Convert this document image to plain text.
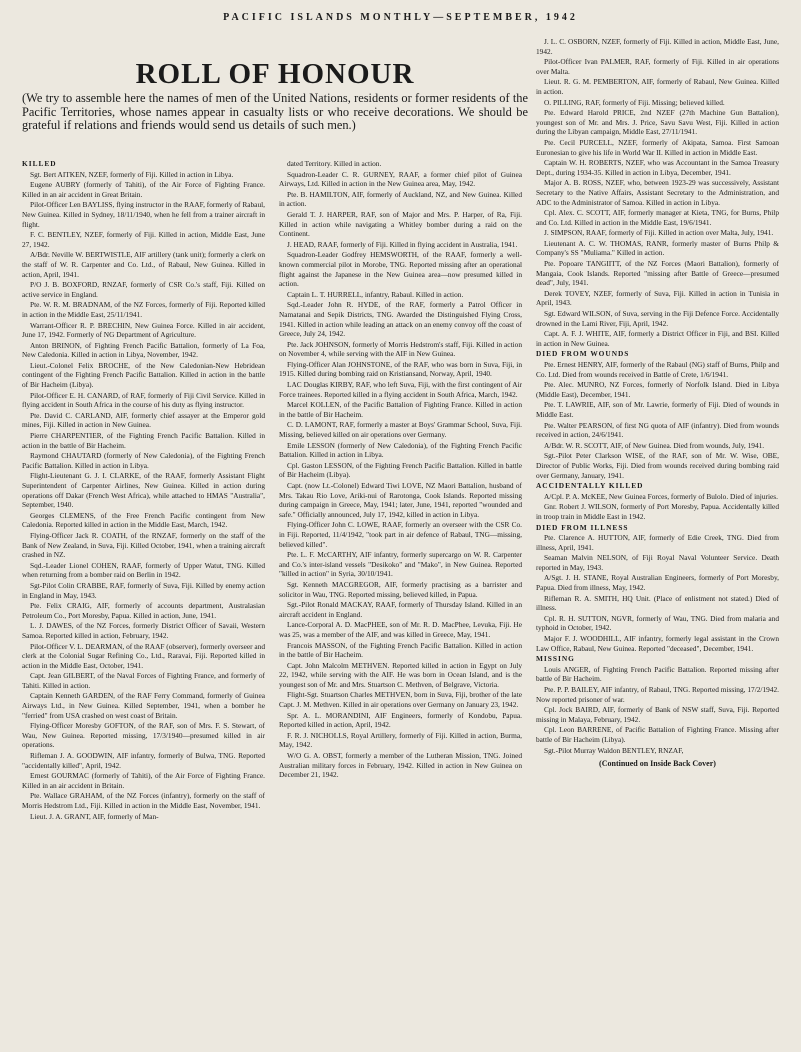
PACIFIC ISLANDS MONTHLY—SEPTEMBER, 1942
ROLL OF HONOUR

(We try to assemble here the names of men of the United Nations, residents or former residents of the Pacific Territories, whose names appear in casualty lists or who receive decorations. We should be grateful if relations and friends would send us details of such men.)

KILLED

Sgt. Bert AITKEN, NZEF, formerly of Fiji. Killed in action in Libya.

Eugene AUBRY (formerly of Tahiti), of the Air Force of Fighting France. Killed in an air accident in Great Britain.

Pilot-Officer Len BAYLISS, flying instructor in the RAAF, formerly of Rabaul, New Guinea. Killed in Sydney, 18/11/1940, when he fell from a trainer aircraft in flight.

F. C. BENTLEY, NZEF, formerly of Fiji. Killed in action, Middle East, June 27, 1942.

A/Bdr. Neville W. BERTWISTLE, AIF artillery (tank unit); formerly a clerk on the staff of W. R. Carpenter and Co. Ltd., of Rabaul, New Guinea. Killed in action, April, 1941.

P/O J. B. BOXFORD, RNZAF, formerly of CSR Co.'s staff, Fiji. Killed on active service in England.

Pte. W. R. M. BRADNAM, of the NZ Forces, formerly of Fiji. Reported killed in action in the Middle East, 25/11/1941.

Warrant-Officer R. P. BRECHIN, New Guinea Force. Killed in air accident, June 17, 1942. Formerly of NG Department of Agriculture.

Anton BRINON, of Fighting French Pacific Battalion, formerly of La Foa, New Caledonia. Killed in action in Libya, November, 1942.

Lieut.-Colonel Felix BROCHE, of the New Caledonian-New Hebridean contingent of the Fighting French Pacific Battalion. Killed in action in the battle of Bir Hacheim (Libya).

Pilot-Officer E. H. CANARD, of RAF, formerly of Fiji Civil Service. Killed in flying accident in South Africa in the course of his duty as flying instructor.

Pte. David C. CARLAND, AIF, formerly chief assayer at the Emperor gold mines, Fiji. Killed in action in New Guinea.

Pierre CHARPENTIER, of the Fighting French Pacific Battalion. Killed in action in the battle of Bir Hacheim.

Raymond CHAUTARD (formerly of New Caledonia), of the Fighting French Pacific Battalion. Killed in action in Libya.

Flight-Lieutenant G. J. I. CLARKE, of the RAAF, formerly Assistant Flight Superintendent of Carpenter Airlines, New Guinea. Killed in action during operations off Dakar (French West Africa), while attached to HMAS "Australia", September, 1940.

Georges CLEMENS, of the Free French Pacific contingent from New Caledonia. Reported killed in action in the Middle East, March, 1942.

Flying-Officer Jack R. COATH, of the RNZAF, formerly on the staff of the Bank of New Zealand, in Suva, Fiji. Killed October, 1941, when a training aircraft crashed in NZ.

Sqd.-Leader Lionel COHEN, RAAF, formerly of Upper Watut, TNG. Killed when returning from a bomber raid on Berlin in 1942.

Sgt-Pilot Colin CRABBE, RAF, formerly of Suva, Fiji. Killed by enemy action in England in May, 1943.

Pte. Felix CRAIG, AIF, formerly of accounts department, Australasian Petroleum Co., Port Moresby, Papua. Killed in action, June, 1941.

L. J. DAWES, of the NZ Forces, formerly District Officer of Savaii, Western Samoa. Reported killed in action, February, 1942.

Pilot-Officer V. L. DEARMAN, of the RAAF (observer), formerly overseer and clerk at the Colonial Sugar Refining Co., Ltd., Raravai, Fiji. Reported killed in action in the Middle East, October, 1941.

Capt. Jean GILBERT, of the Naval Forces of Fighting France, and formerly of Tahiti. Killed in action.

Captain Kenneth GARDEN, of the RAF Ferry Command, formerly of Guinea Airways Ltd., in New Guinea. Killed September, 1941, when a bomber he "ferried" from USA crashed on west coast of Britain.

Flying-Officer Moresby GOFTON, of the RAF, son of Mrs. F. S. Stewart, of Wau, New Guinea. Reported missing, 17/3/1940—presumed killed in air operations.

Rifleman J. A. GOODWIN, AIF infantry, formerly of Bulwa, TNG. Reported "accidentally killed", April, 1942.

Ernest GOURMAC (formerly of Tahiti), of the Air Force of Fighting France. Killed in an air accident in Britain.

Pte. Wallace GRAHAM, of the NZ Forces (infantry), formerly on the staff of Morris Hedstrom Ltd., Fiji. Killed in action in the Middle East, November, 1941.

Lieut. J. A. GRANT, AIF, formerly of Man-

dated Territory. Killed in action.

Squadron-Leader C. R. GURNEY, RAAF, a former chief pilot of Guinea Airways, Ltd. Killed in action in the New Guinea area, May, 1942.

Pte. B. HAMILTON, AIF, formerly of Auckland, NZ, and New Guinea. Killed in action.

Gerald T. J. HARPER, RAF, son of Major and Mrs. P. Harper, of Ra, Fiji. Killed in action while navigating a Whitley bomber during a raid on the Continent.

J. HEAD, RAAF, formerly of Fiji. Killed in flying accident in Australia, 1941.

Squadron-Leader Godfrey HEMSWORTH, of the RAAF, formerly a well-known commercial pilot in Morobe, TNG. Reported missing after an operational flight against the Japanese in the New Guinea area—now presumed killed in action.

Captain L. T. HURRELL, infantry, Rabaul. Killed in action.

Sqd.-Leader John R. HYDE, of the RAF, formerly a Patrol Officer in Namatanai and Sepik Districts, TNG. Awarded the Distinguished Flying Cross, 1941. Killed in action while leading an attack on an enemy convoy off the coast of Greece, July 24, 1942.

Pte. Jack JOHNSON, formerly of Morris Hedstrom's staff, Fiji. Killed in action on November 4, while serving with the AIF in New Guinea.

Flying-Officer Alan JOHNSTONE, of the RAF, who was born in Suva, Fiji, in 1915. Killed during bombing raid on Kristiansand, Norway, April, 1940.

LAC Douglas KIRBY, RAF, who left Suva, Fiji, with the first contingent of Air Force trainees. Reported killed in a flying accident in South Africa, March, 1942.

Marcel KOLLEN, of the Pacific Battalion of Fighting France. Killed in action in the battle of Bir Hacheim.

C. D. LAMONT, RAF, formerly a master at Boys' Grammar School, Suva, Fiji. Missing, believed killed on air operations over Germany.

Emile LESSON (formerly of New Caledonia), of the Fighting French Pacific Battalion. Killed in action in Libya.

Cpl. Gaston LESSON, of the Fighting French Pacific Battalion. Killed in battle of Bir Hacheim (Libya).

Capt. (now Lt.-Colonel) Edward Tiwi LOVE, NZ Maori Battalion, husband of Mrs. Takau Rio Love, Ariki-nui of Rarotonga, Cook Islands. Reported missing during campaign in Greece, May, 1941; later, June, 1941, reported "wounded and safe." Officially announced, July 17, 1942, killed in action in Libya.

Flying-Officer John C. LOWE, RAAF, formerly an overseer with the CSR Co. in Fiji. Reported, 11/4/1942, "took part in air defence of Rabaul, TNG—missing, believed killed".

Pte. L. F. McCARTHY, AIF infantry, formerly supercargo on W. R. Carpenter and Co.'s inter-island vessels "Desikoko" and "Mako", in New Guinea. Reported "killed in action" in Syria, 30/10/1941.

Sgt. Kenneth MACGREGOR, AIF, formerly practising as a barrister and solicitor in Wau, TNG. Reported missing, believed killed, in Papua.

Sgt.-Pilot Ronald MACKAY, RAAF, formerly of Thursday Island. Killed in an aircraft accident in England.

Lance-Corporal A. D. MacPHEE, son of Mr. R. D. MacPhee, Levuka, Fiji. He was 25, was a member of the AIF, and was killed in Greece, May, 1941.

Francois MASSON, of the Fighting French Pacific Battalion. Killed in action in the battle of Bir Hacheim.

Capt. John Malcolm METHVEN. Reported killed in action in Egypt on July 22, 1942, while serving with the AIF. He was born in Ocean Island, and is the youngest son of Mr. and Mrs. Stuartson C. Methven, of Belgrave, Victoria.

Flight-Sgt. Stuartson Charles METHVEN, born in Suva, Fiji, brother of the late Capt. J. M. Methven. Killed in air operations over Germany on January 23, 1942.

Spr. A. L. MORANDINI, AIF Engineers, formerly of Kondobu, Papua. Reported killed in action, April, 1942.

F. R. J. NICHOLLS, Royal Artillery, formerly of Fiji. Killed in action, Burma, May, 1942.

W/O G. A. OBST, formerly a member of the Lutheran Mission, TNG. Joined Australian military forces in February, 1942. Killed in action in New Guinea on December 21, 1942.

J. L. C. OSBORN, NZEF, formerly of Fiji. Killed in action, Middle East, June, 1942.

Pilot-Officer Ivan PALMER, RAF, formerly of Fiji. Killed in air operations over Malta.

Lieut. R. G. M. PEMBERTON, AIF, formerly of Rabaul, New Guinea. Killed in action.

O. PILLING, RAF, formerly of Fiji. Missing; believed killed.

Pte. Edward Harold PRICE, 2nd NZEF (27th Machine Gun Battalion), youngest son of Mr. and Mrs. J. Price, Savu Savu West, Fiji. Killed in action during the Libyan campaign, Middle East, 27/11/1941.

Pte. Cecil PURCELL, NZEF, formerly of Akipata, Samoa. First Samoan Euronesian to give his life in World War II. Killed in action in Middle East.

Captain W. H. ROBERTS, NZEF, who was Accountant in the Samoa Treasury Dept., during 1934-35. Killed in action in Libya, December, 1941.

Major A. B. ROSS, NZEF, who, between 1923-29 was successively, Assistant Secretary to the Native Affairs, Assistant Secretary to the Administration, and ADC to the Administrator of Samoa. Killed in action in Libya.

Cpl. Alex. C. SCOTT, AIF, formerly manager at Kieta, TNG, for Burns, Philp and Co. Ltd. Killed in action in the Middle East, 19/6/1941.

J. SIMPSON, RAAF, formerly of Fiji. Killed in action over Malta, July, 1941.

Lieutenant A. C. W. THOMAS, RANR, formerly master of Burns Philp & Company's SS "Muliama." Killed in action.

Pte. Popoare TANGIITT, of the NZ Forces (Maori Battalion), formerly of Mangaia, Cook Islands. Reported "missing after Battle of Greece—presumed dead", July, 1941.

Derek TOVEY, NZEF, formerly of Suva, Fiji. Killed in action in Tunisia in April, 1943.

Sgt. Edward WILSON, of Suva, serving in the Fiji Defence Force. Accidentally drowned in the Lami River, Fiji, April, 1942.

Capt. A. F. J. WHITE, AIF, formerly a District Officer in Fiji, and BSI. Killed in action in New Guinea.

DIED FROM WOUNDS

Pte. Ernest HENRY, AIF, formerly of the Rabaul (NG) staff of Burns, Philp and Co. Ltd. Died from wounds received in Battle of Crete, 1/6/1941.

Pte. Alec. MUNRO, NZ Forces, formerly of Norfolk Island. Died in Libya (Middle East), December, 1941.

Pte. T. LAWRIE, AIF, son of Mr. Lawrie, formerly of Fiji. Died of wounds in Middle East.

Pte. Walter PEARSON, of first NG quota of AIF (infantry). Died from wounds received in action, 24/6/1941.

A/Bdr. W. R. SCOTT, AIF, of New Guinea. Died from wounds, July, 1941.

Sgt.-Pilot Peter Clarkson WISE, of the RAF, son of Mr. W. Wise, OBE, Director of Public Works, Fiji. Died from wounds received during bombing raid over Germany, January, 1941.

ACCIDENTALLY KILLED

A/Cpl. P. A. McKEE, New Guinea Forces, formerly of Bulolo. Died of injuries.

Gnr. Robert J. WILSON, formerly of Port Moresby, Papua. Accidentally killed in troop train in Middle East in 1942.

DIED FROM ILLNESS

Pte. Clarence A. HUTTON, AIF, formerly of Edie Creek, TNG. Died from illness, April, 1941.

Seaman Malvin NELSON, of Fiji Royal Naval Volunteer Service. Death reported in May, 1943.

A/Sgt. J. H. STANE, Royal Australian Engineers, formerly of Port Moresby, Papua. Died from illness, May, 1942.

Rifleman R. A. SMITH, HQ Unit. (Place of enlistment not stated.) Died of illness.

Cpl. R. H. SUTTON, NGVR, formerly of Wau, TNG. Died from malaria and typhoid in October, 1942.

Major F. J. WOODHILL, AIF infantry, formerly legal assistant in the Crown Law Office, Rabaul, New Guinea. Reported "deceased", December, 1941.

MISSING

Louis ANGER, of Fighting French Pacific Battalion. Reported missing after battle of Bir Hacheim.

Pte. P. P. BAILEY, AIF infantry, of Rabaul, TNG. Reported missing, 17/2/1942. Now reported prisoner of war.

Cpl. Jock BAIRD, AIF, formerly of Bank of NSW staff, Suva, Fiji. Reported missing in Malaya, February, 1942.

Cpl. Leon BARRENE, of Pacific Battalion of Fighting France. Missing after battle of Bir Hacheim (Libya).

Sgt.-Pilot Murray Waldon BENTLEY, RNZAF,

(Continued on Inside Back Cover)
